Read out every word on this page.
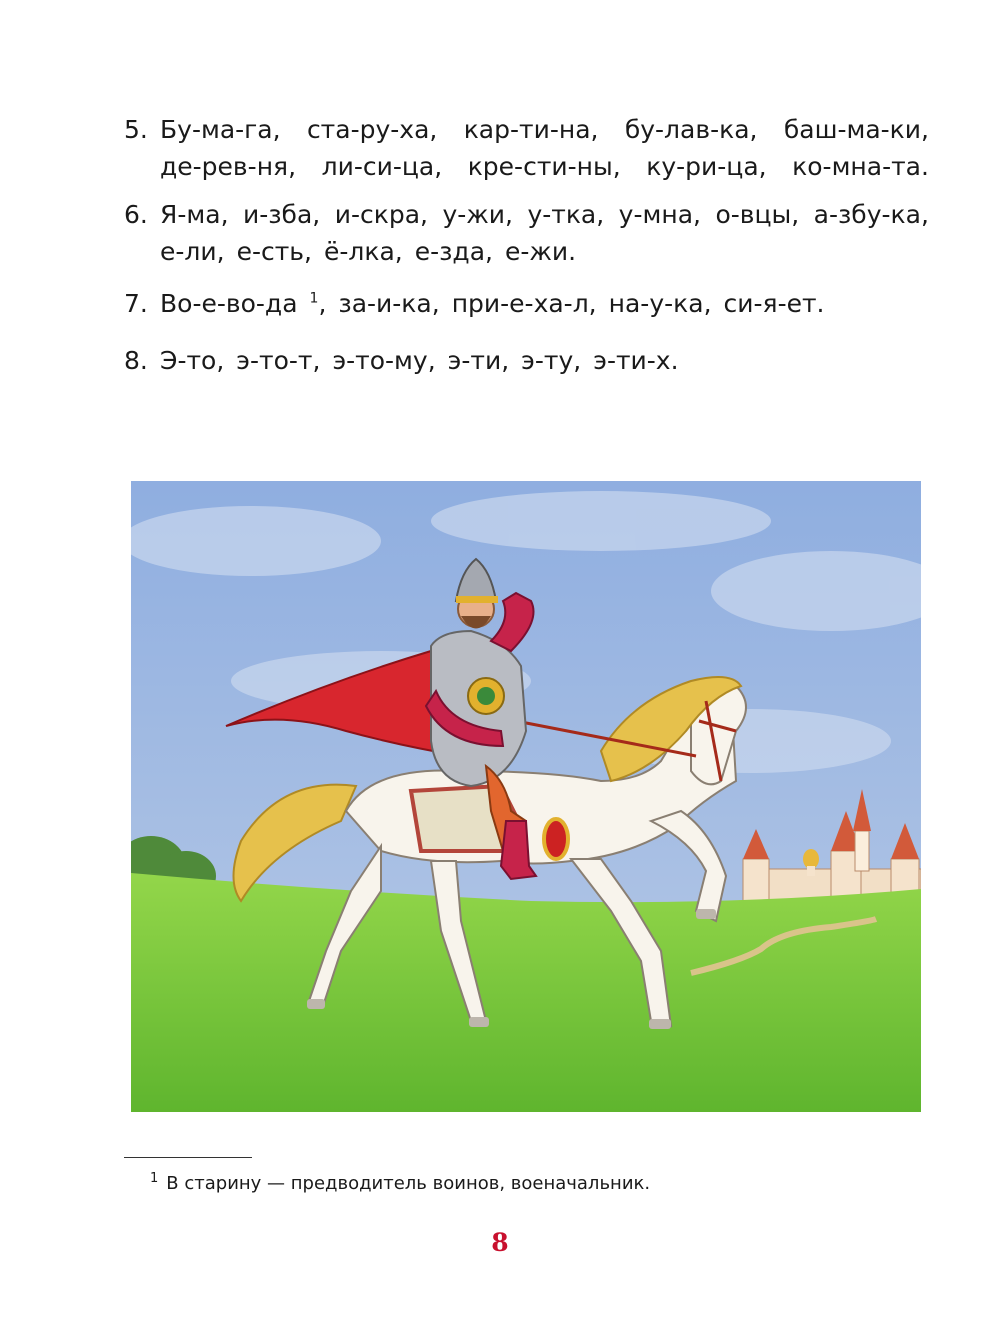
5. Бу-ма-га, ста-ру-ха, кар-ти-на, бу-лав-ка, баш-ма-ки,
де-рев-ня, ли-си-ца, кре-сти-ны, ку-ри-ца, ко-мна-та.
6. Я-ма, и-зба, и-скра, у-жи, у-тка, у-мна, о-вцы, а-збу-ка,
е-ли, е-сть, ё-лка, е-зда, е-жи.
7. Во-е-во-да $^1$, за-и-ка, при-е-ха-л, на-у-ка, си-я-ет.
8. Э-то, э-то-т, э-то-му, э-ти, э-ту, э-ти-х.
$^1$ В старину — предводитель воинов, военачальник.
8
